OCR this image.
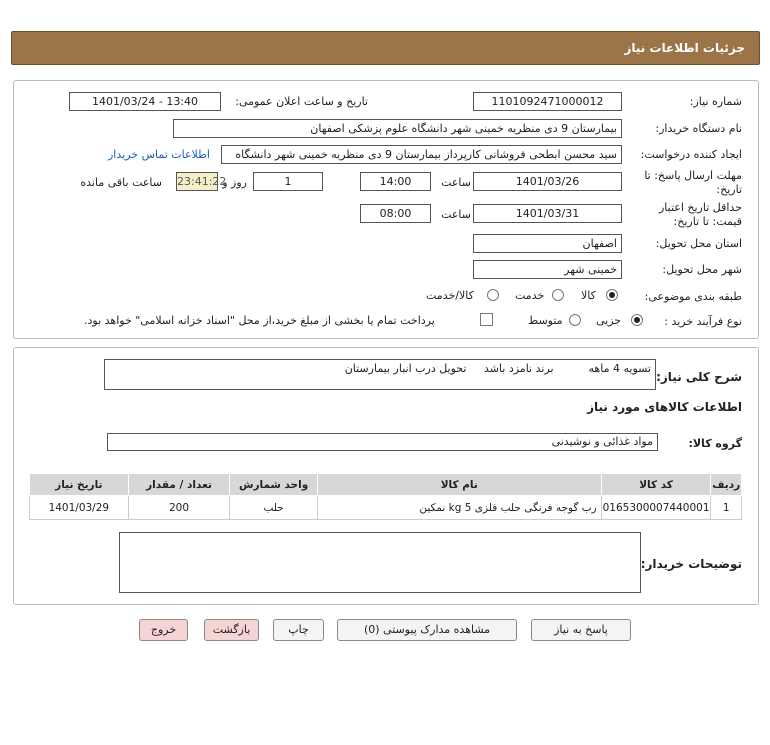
جزئیات اطلاعات نیاز
شماره نیاز:
1101092471000012
تاریخ و ساعت اعلان عمومی:
1401/03/24 - 13:40
نام دستگاه خریدار:
بیمارستان 9 دی منظریه خمینی شهر دانشگاه علوم پزشکی اصفهان
ایجاد کننده درخواست:
سید محسن ابطحی فروشانی کارپرداز بیمارستان 9 دی منظریه خمینی شهر دانشگاه
اطلاعات تماس خریدار
مهلت ارسال پاسخ: تا
تاریخ:
1401/03/26
ساعت
14:00
1
روز و
23:41:22
ساعت باقی مانده
حداقل تاریخ اعتبار
قیمت: تا تاریخ:
1401/03/31
ساعت
08:00
استان محل تحویل:
اصفهان
شهر محل تحویل:
خمینی شهر
طبقه بندی موضوعی:
کالا
خدمت
کالا/خدمت
نوع فرآیند خرید :
جزیی
متوسط
پرداخت تمام یا بخشی از مبلغ خرید،از محل "اسناد خزانه اسلامی" خواهد بود.
شرح کلی نیاز:
تسویه 4 ماهه          برند نامزد باشد     تحویل درب انبار بیمارستان
اطلاعات کالاهای مورد نیاز
گروه کالا:
مواد غذائی و نوشیدنی
تاریخ نیاز	تعداد / مقدار	واحد شمارش	نام کالا	کد کالا	ردیف
1401/03/29	200	حلب	رب گوجه فرنگی حلب فلزی 5 kg نمکین	0165300007440001	1
توضیحات خریدار:
پاسخ به نیاز
مشاهده مدارک پیوستی (0)
چاپ
بازگشت
خروج
